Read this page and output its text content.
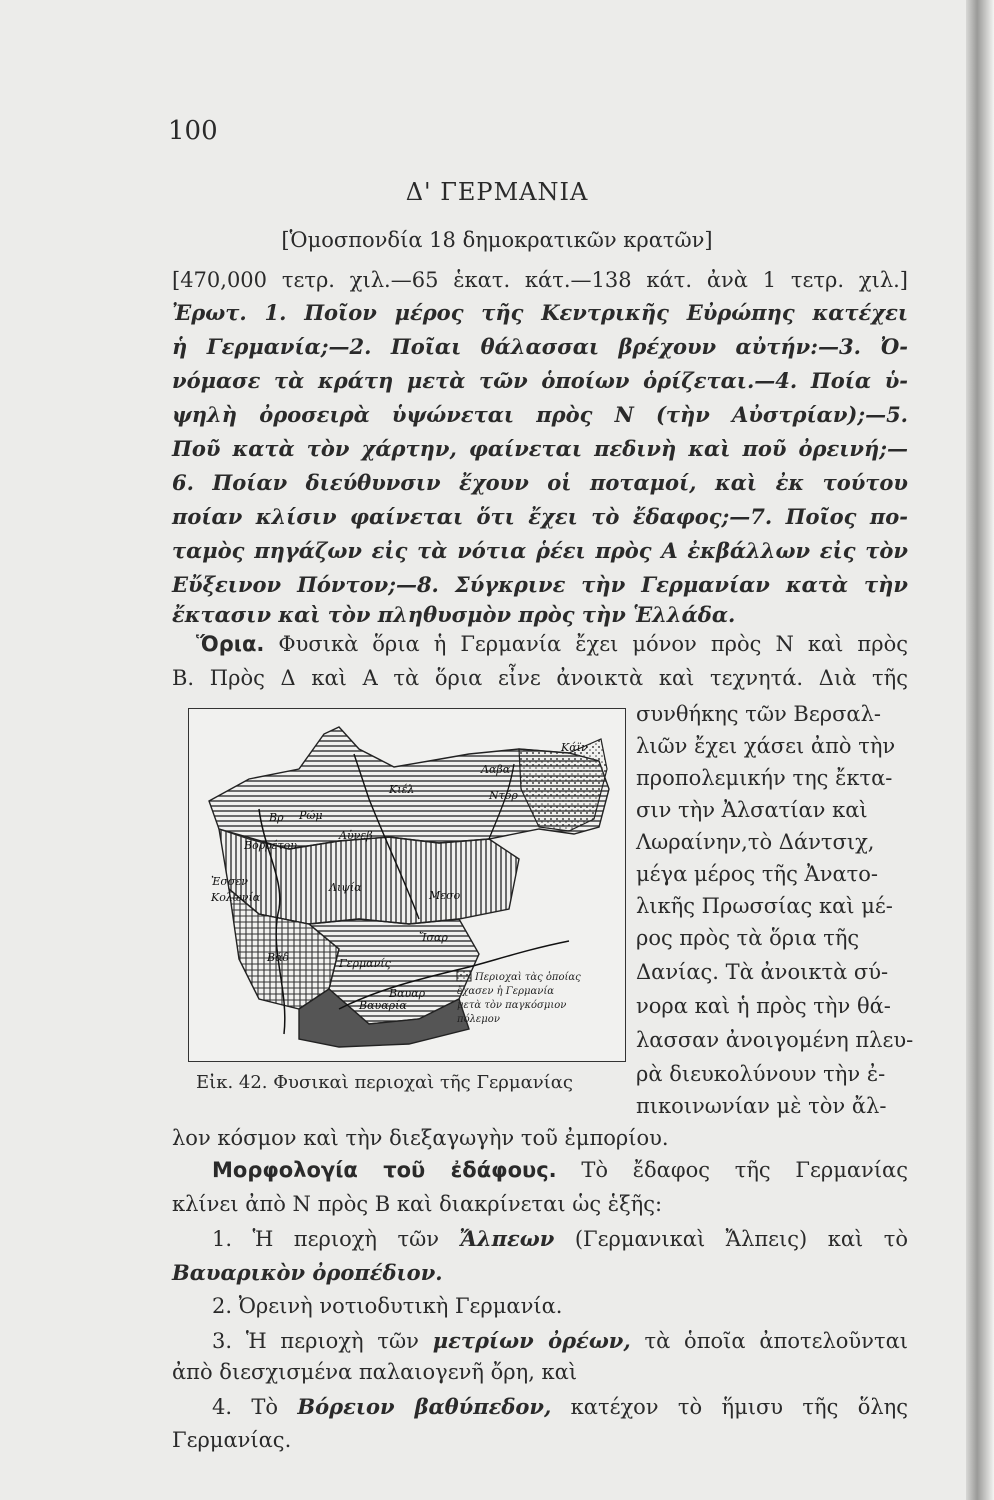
100
Δ' ΓΕΡΜΑΝΙΑ
[Ὁμοσπονδία 18 δημοκρατικῶν κρατῶν]
[470,000 τετρ. χιλ.—65 ἑκατ. κάτ.—138 κάτ. ἀνὰ 1 τετρ. χιλ.]
Ἐρωτ. 1. Ποῖον μέρος τῆς Κεντρικῆς Εὐρώπης κατέχει
ἡ Γερμανία;—2. Ποῖαι θάλασσαι βρέχουν αὐτήν:—3. Ὀ-
νόμασε τὰ κράτη μετὰ τῶν ὁποίων ὁρίζεται.—4. Ποία ὑ-
ψηλὴ ὀροσειρὰ ὑψώνεται πρὸς Ν (τὴν Αὐστρίαν);—5.
Ποῦ κατὰ τὸν χάρτην, φαίνεται πεδινὴ καὶ ποῦ ὀρεινή;—
6. Ποίαν διεύθυνσιν ἔχουν οἱ ποταμοί, καὶ ἐκ τούτου
ποίαν κλίσιν φαίνεται ὅτι ἔχει τὸ ἔδαφος;—7. Ποῖος πο-
ταμὸς πηγάζων εἰς τὰ νότια ῥέει πρὸς Α ἐκβάλλων εἰς τὸν
Εὔξεινον Πόντον;—8. Σύγκρινε τὴν Γερμανίαν κατὰ τὴν
ἔκτασιν καὶ τὸν πληθυσμὸν πρὸς τὴν Ἑλλάδα.
Ὅρια. Φυσικὰ ὅρια ἡ Γερμανία ἔχει μόνον πρὸς Ν καὶ πρὸς
Β. Πρὸς Δ καὶ Α τὰ ὅρια εἶνε ἀνοικτὰ καὶ τεχνητά. Διὰ τῆς
Περιοχαὶ τὰς ὁποίας
ἔχασεν ἡ Γερμανία
μετὰ τὸν παγκόσμιον
πόλεμον
Κάϊν
Λαβα
Ρώμ
Αὐνεβ
Βρ
Βορρέτου
Κολωνία
Λιψία
Βάδ	Γερμανίς
Βαυαρία
Μεσο
Ἐσσεν
Κιέλ	Ντόρ
Βαυαρ
Ἴσαρ
Εἰκ. 42. Φυσικαὶ περιοχαὶ τῆς Γερμανίας
συνθήκης τῶν Βερσαλ-
λιῶν ἔχει χάσει ἀπὸ τὴν
προπολεμικήν της ἔκτα-
σιν τὴν Ἀλσατίαν καὶ
Λωραίνην,τὸ Δάντσιχ,
μέγα μέρος τῆς Ἀνατο-
λικῆς Πρωσσίας καὶ μέ-
ρος πρὸς τὰ ὅρια τῆς
Δανίας. Τὰ ἀνοικτὰ σύ-
νορα καὶ ἡ πρὸς τὴν θά-
λασσαν ἀνοιγομένη πλευ-
ρὰ διευκολύνουν τὴν ἐ-
πικοινωνίαν μὲ τὸν ἄλ-
λον κόσμον καὶ τὴν διεξαγωγὴν τοῦ ἐμπορίου.
Μορφολογία τοῦ ἐδάφους. Τὸ ἔδαφος τῆς Γερμανίας
κλίνει ἀπὸ Ν πρὸς Β καὶ διακρίνεται ὡς ἑξῆς:
1. Ἡ περιοχὴ τῶν Ἄλπεων (Γερμανικαὶ Ἄλπεις) καὶ τὸ
Βαυαρικὸν ὀροπέδιον.
2. Ὀρεινὴ νοτιοδυτικὴ Γερμανία.
3. Ἡ περιοχὴ τῶν μετρίων ὀρέων, τὰ ὁποῖα ἀποτελοῦνται
ἀπὸ διεσχισμένα παλαιογενῆ ὄρη, καὶ
4. Τὸ Βόρειον βαθύπεδον, κατέχον τὸ ἥμισυ τῆς ὅλης
Γερμανίας.
